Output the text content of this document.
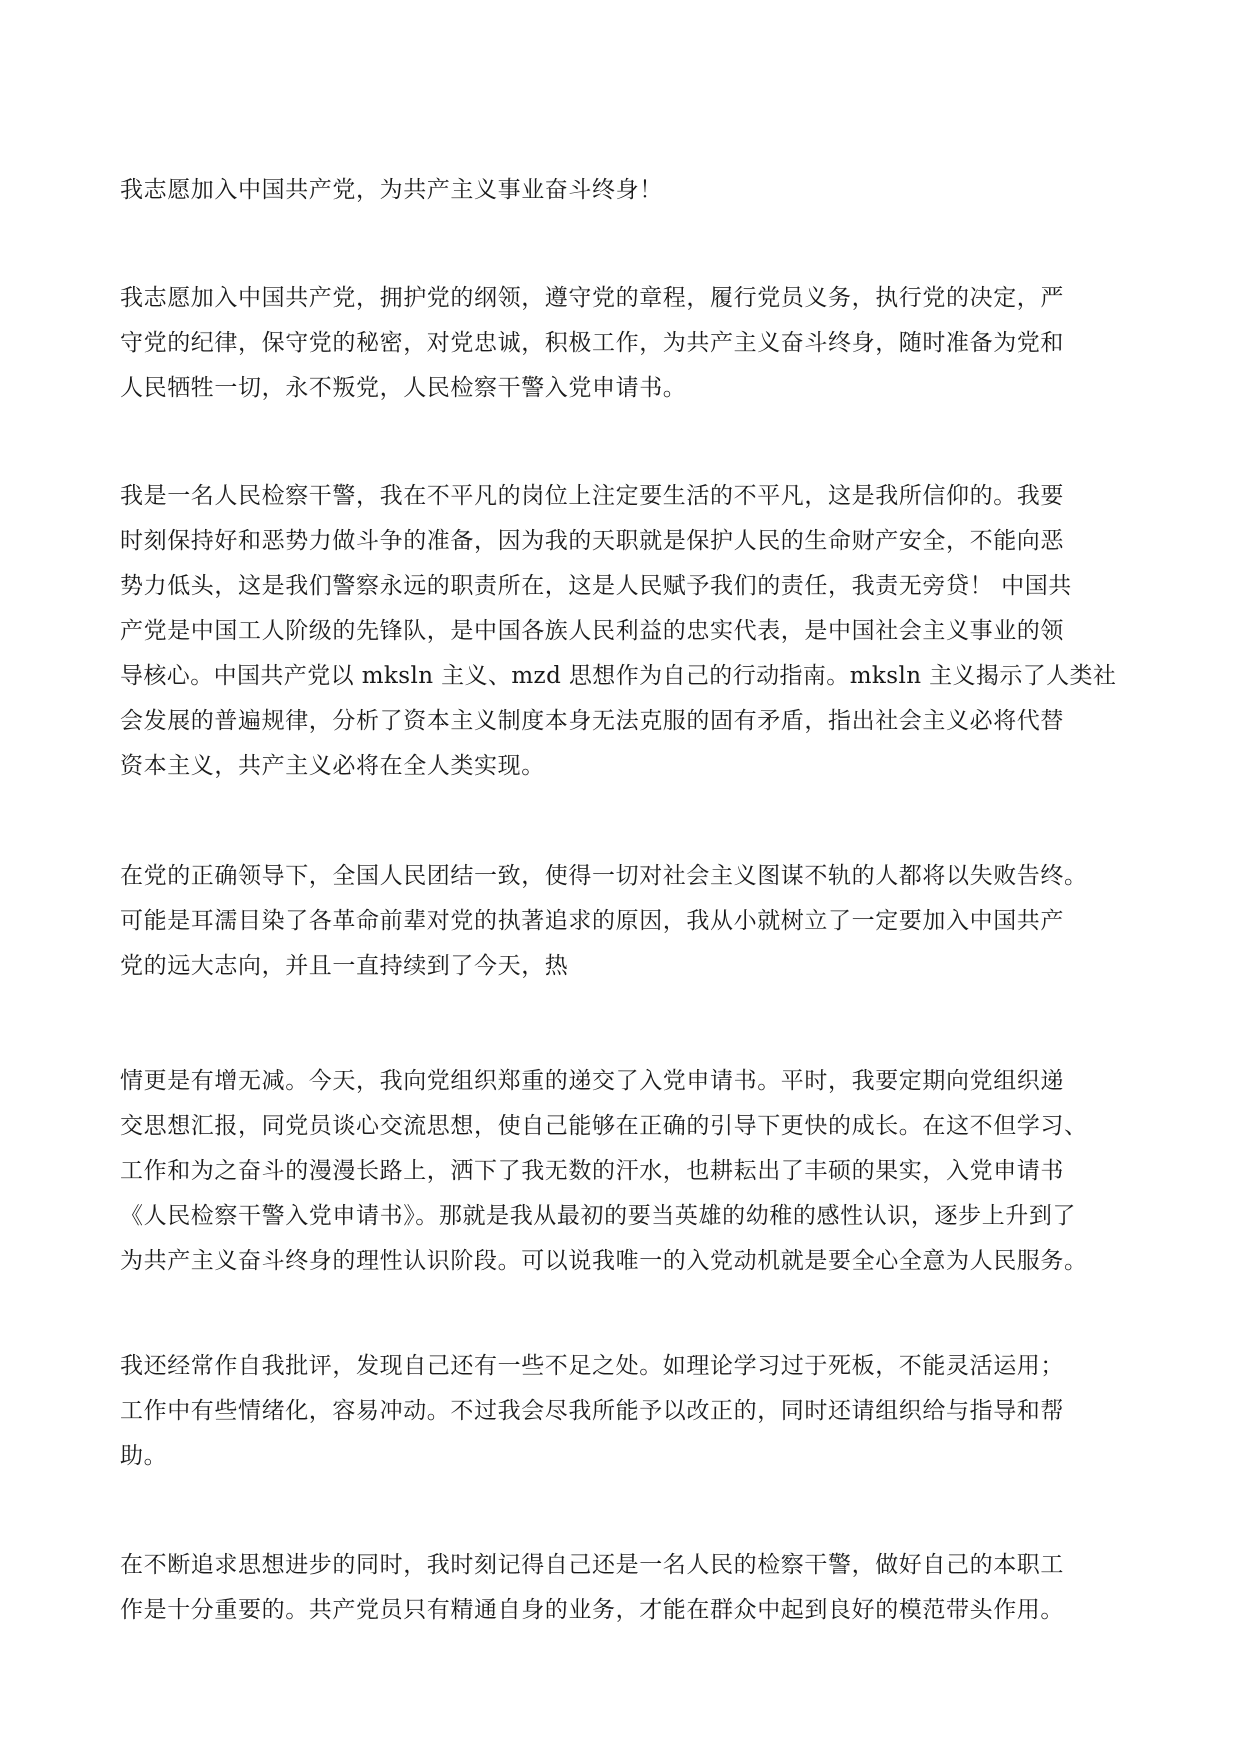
我志愿加入中国共产党，为共产主义事业奋斗终身！

我志愿加入中国共产党，拥护党的纲领，遵守党的章程，履行党员义务，执行党的决定，严
守党的纪律，保守党的秘密，对党忠诚，积极工作，为共产主义奋斗终身，随时准备为党和
人民牺牲一切，永不叛党，人民检察干警入党申请书。

我是一名人民检察干警，我在不平凡的岗位上注定要生活的不平凡，这是我所信仰的。我要
时刻保持好和恶势力做斗争的准备，因为我的天职就是保护人民的生命财产安全，不能向恶
势力低头，这是我们警察永远的职责所在，这是人民赋予我们的责任，我责无旁贷！ 中国共
产党是中国工人阶级的先锋队，是中国各族人民利益的忠实代表，是中国社会主义事业的领
导核心。中国共产党以 mksln 主义、mzd 思想作为自己的行动指南。mksln 主义揭示了人类社
会发展的普遍规律，分析了资本主义制度本身无法克服的固有矛盾，指出社会主义必将代替
资本主义，共产主义必将在全人类实现。

在党的正确领导下，全国人民团结一致，使得一切对社会主义图谋不轨的人都将以失败告终。
可能是耳濡目染了各革命前辈对党的执著追求的原因，我从小就树立了一定要加入中国共产
党的远大志向，并且一直持续到了今天，热

情更是有增无减。今天，我向党组织郑重的递交了入党申请书。平时，我要定期向党组织递
交思想汇报，同党员谈心交流思想，使自己能够在正确的引导下更快的成长。在这不但学习、
工作和为之奋斗的漫漫长路上，洒下了我无数的汗水，也耕耘出了丰硕的果实，入党申请书
《人民检察干警入党申请书》。那就是我从最初的要当英雄的幼稚的感性认识，逐步上升到了
为共产主义奋斗终身的理性认识阶段。可以说我唯一的入党动机就是要全心全意为人民服务。

我还经常作自我批评，发现自己还有一些不足之处。如理论学习过于死板，不能灵活运用；
工作中有些情绪化，容易冲动。不过我会尽我所能予以改正的，同时还请组织给与指导和帮
助。

在不断追求思想进步的同时，我时刻记得自己还是一名人民的检察干警，做好自己的本职工
作是十分重要的。共产党员只有精通自身的业务，才能在群众中起到良好的模范带头作用。
